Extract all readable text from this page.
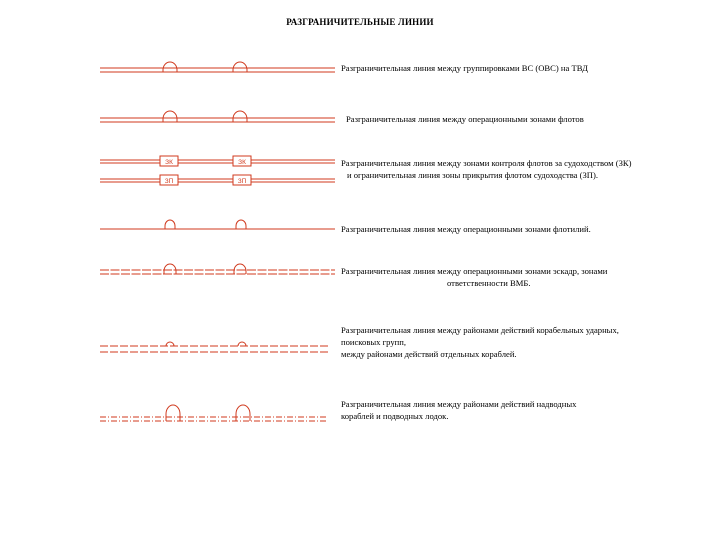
РАЗГРАНИЧИТЕЛЬНЫЕ ЛИНИИ
ЗК	ЗК
ЗП	ЗП
Разграничительная линия между группировками ВС (ОВС) на ТВД
Разграничительная линия между операционными зонами флотов
Разграничительная линия между зонами контроля флотов за судоходством (ЗК)
и ограничительная линия зоны прикрытия флотом судоходства (ЗП).
Разграничительная линия между операционными зонами флотилий.
Разграничительная линия между операционными зонами эскадр, зонами
ответственности ВМБ.
Разграничительная линия между районами действий корабельных ударных,
поисковых групп,
между районами действий отдельных кораблей.
Разграничительная линия между районами действий надводных
кораблей и подводных лодок.
